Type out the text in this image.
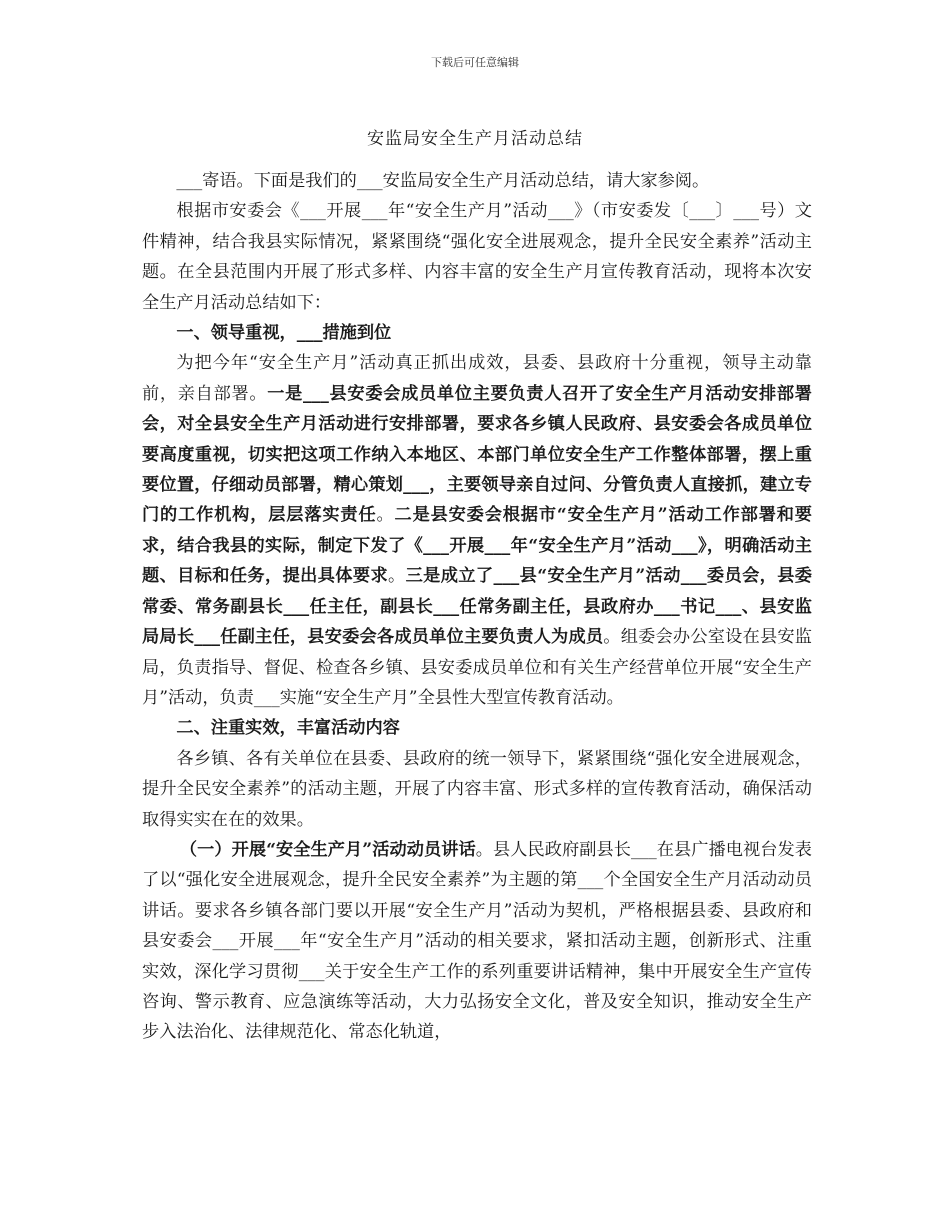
下载后可任意编辑
安监局安全生产月活动总结

___寄语。下面是我们的___安监局安全生产月活动总结，请大家参阅。

根据市安委会《___开展___年“安全生产月”活动___》（市安委发〔___〕___号）文件精神，结合我县实际情况，紧紧围绕“强化安全进展观念，提升全民安全素养”活动主题。在全县范围内开展了形式多样、内容丰富的安全生产月宣传教育活动，现将本次安全生产月活动总结如下：

一、领导重视，___措施到位

为把今年“安全生产月”活动真正抓出成效，县委、县政府十分重视，领导主动靠前，亲自部署。一是___县安委会成员单位主要负责人召开了安全生产月活动安排部署会，对全县安全生产月活动进行安排部署，要求各乡镇人民政府、县安委会各成员单位要高度重视，切实把这项工作纳入本地区、本部门单位安全生产工作整体部署，摆上重要位置，仔细动员部署，精心策划___，主要领导亲自过问、分管负责人直接抓，建立专门的工作机构，层层落实责任。二是县安委会根据市“安全生产月”活动工作部署和要求，结合我县的实际，制定下发了《___开展___年“安全生产月”活动___》，明确活动主题、目标和任务，提出具体要求。三是成立了___县“安全生产月”活动___委员会，县委常委、常务副县长___任主任，副县长___任常务副主任，县政府办___书记___、县安监局局长___任副主任，县安委会各成员单位主要负责人为成员。组委会办公室设在县安监局，负责指导、督促、检查各乡镇、县安委成员单位和有关生产经营单位开展“安全生产月”活动，负责___实施“安全生产月”全县性大型宣传教育活动。

二、注重实效，丰富活动内容

各乡镇、各有关单位在县委、县政府的统一领导下，紧紧围绕“强化安全进展观念，提升全民安全素养”的活动主题，开展了内容丰富、形式多样的宣传教育活动，确保活动取得实实在在的效果。

（一）开展“安全生产月”活动动员讲话。县人民政府副县长___在县广播电视台发表了以“强化安全进展观念，提升全民安全素养”为主题的第___个全国安全生产月活动动员讲话。要求各乡镇各部门要以开展“安全生产月”活动为契机，严格根据县委、县政府和县安委会___开展___年“安全生产月”活动的相关要求，紧扣活动主题，创新形式、注重实效，深化学习贯彻___关于安全生产工作的系列重要讲话精神，集中开展安全生产宣传咨询、警示教育、应急演练等活动，大力弘扬安全文化，普及安全知识，推动安全生产步入法治化、法律规范化、常态化轨道，
